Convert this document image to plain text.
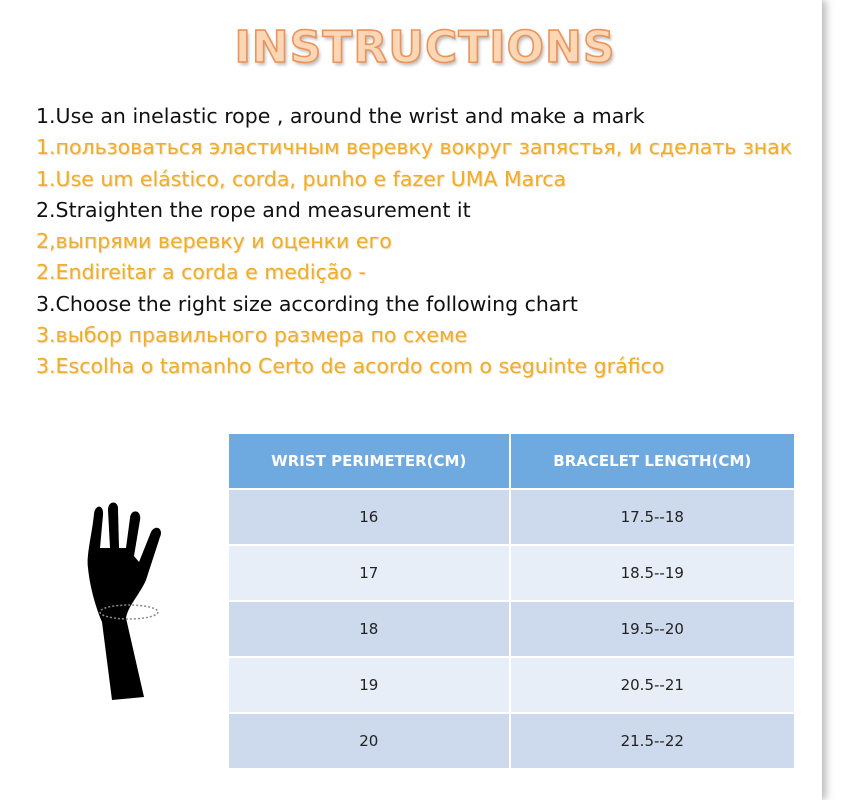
INSTRUCTIONS
1.Use an inelastic rope , around the wrist and make a mark
1.пользоваться эластичным веревку вокруг запястья, и сделать знак
1.Use um elástico, corda, punho e fazer UMA Marca
2.Straighten the rope and measurement it
2,выпрями веревку и оценки его
2.Endireitar a corda e medição -
3.Choose the right size according the following chart
3.выбор правильного размера по схеме
3.Escolha o tamanho Certo de acordo com o seguinte gráfico
WRIST PERIMETER(CM)	BRACELET LENGTH(CM)
16	17.5--18
17	18.5--19
18	19.5--20
19	20.5--21
20	21.5--22
